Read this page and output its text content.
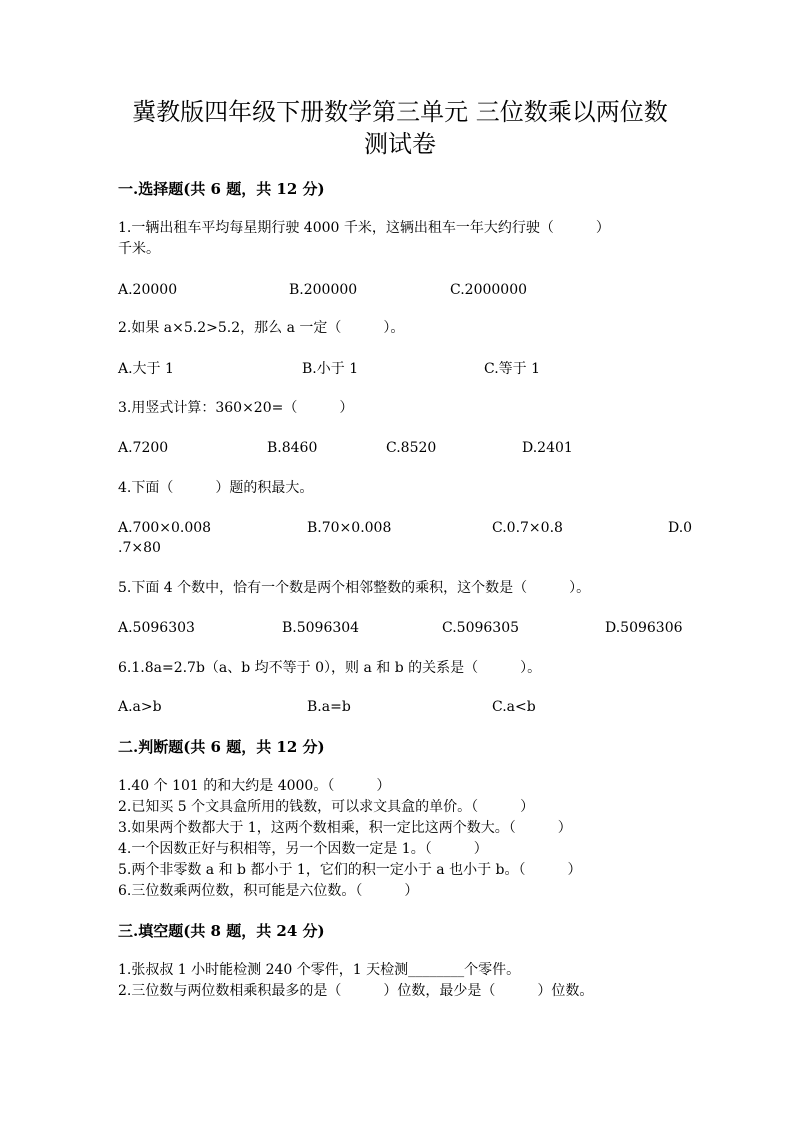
冀教版四年级下册数学第三单元 三位数乘以两位数
测试卷
一.选择题(共 6 题，共 12 分)
1.一辆出租车平均每星期行驶 4000 千米，这辆出租车一年大约行驶（　　　）
千米。
A.20000	B.200000	C.2000000
2.如果 a×5.2>5.2，那么 a 一定（　　　）。
A.大于 1	B.小于 1	C.等于 1
3.用竖式计算：360×20=（　　　）
A.7200	B.8460	C.8520	D.2401
4.下面（　　　）题的积最大。
A.700×0.008	B.70×0.008	C.0.7×0.8	D.0
.7×80
5.下面 4 个数中，恰有一个数是两个相邻整数的乘积，这个数是（　　　）。
A.5096303	B.5096304	C.5096305	D.5096306
6.1.8a=2.7b（a、b 均不等于 0），则 a 和 b 的关系是（　　　）。
A.a>b	B.a=b	C.a<b
二.判断题(共 6 题，共 12 分)
1.40 个 101 的和大约是 4000。（　　　）
2.已知买 5 个文具盒所用的钱数，可以求文具盒的单价。（　　　）
3.如果两个数都大于 1，这两个数相乘，积一定比这两个数大。（　　　）
4.一个因数正好与积相等，另一个因数一定是 1。（　　　）
5.两个非零数 a 和 b 都小于 1，它们的积一定小于 a 也小于 b。（　　　）
6.三位数乘两位数，积可能是六位数。（　　　）
三.填空题(共 8 题，共 24 分)
1.张叔叔 1 小时能检测 240 个零件，1 天检测________个零件。
2.三位数与两位数相乘积最多的是（　　　）位数，最少是（　　　）位数。
